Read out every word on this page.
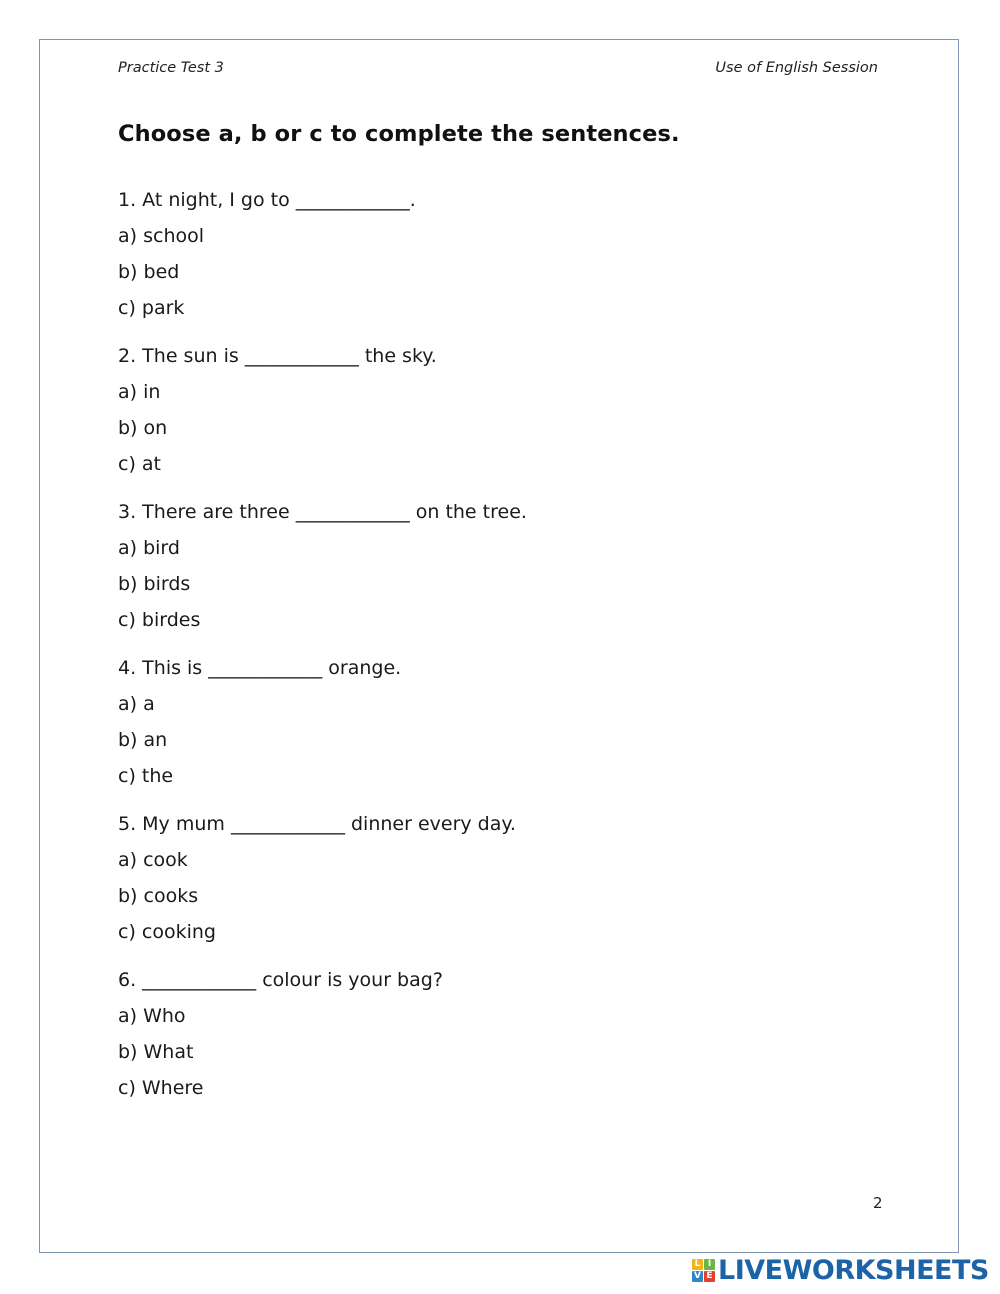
Practice Test 3	Use of English Session
Choose a, b or c to complete the sentences.
1. At night, I go to ____________.
a) school
b) bed
c) park
2. The sun is ____________ the sky.
a) in
b) on
c) at
3. There are three ____________ on the tree.
a) bird
b) birds
c) birdes
4. This is ____________ orange.
a) a
b) an
c) the
5. My mum ____________ dinner every day.
a) cook
b) cooks
c) cooking
6. ____________ colour is your bag?
a) Who
b) What
c) Where
2
L I
V E LIVEWORKSHEETS
